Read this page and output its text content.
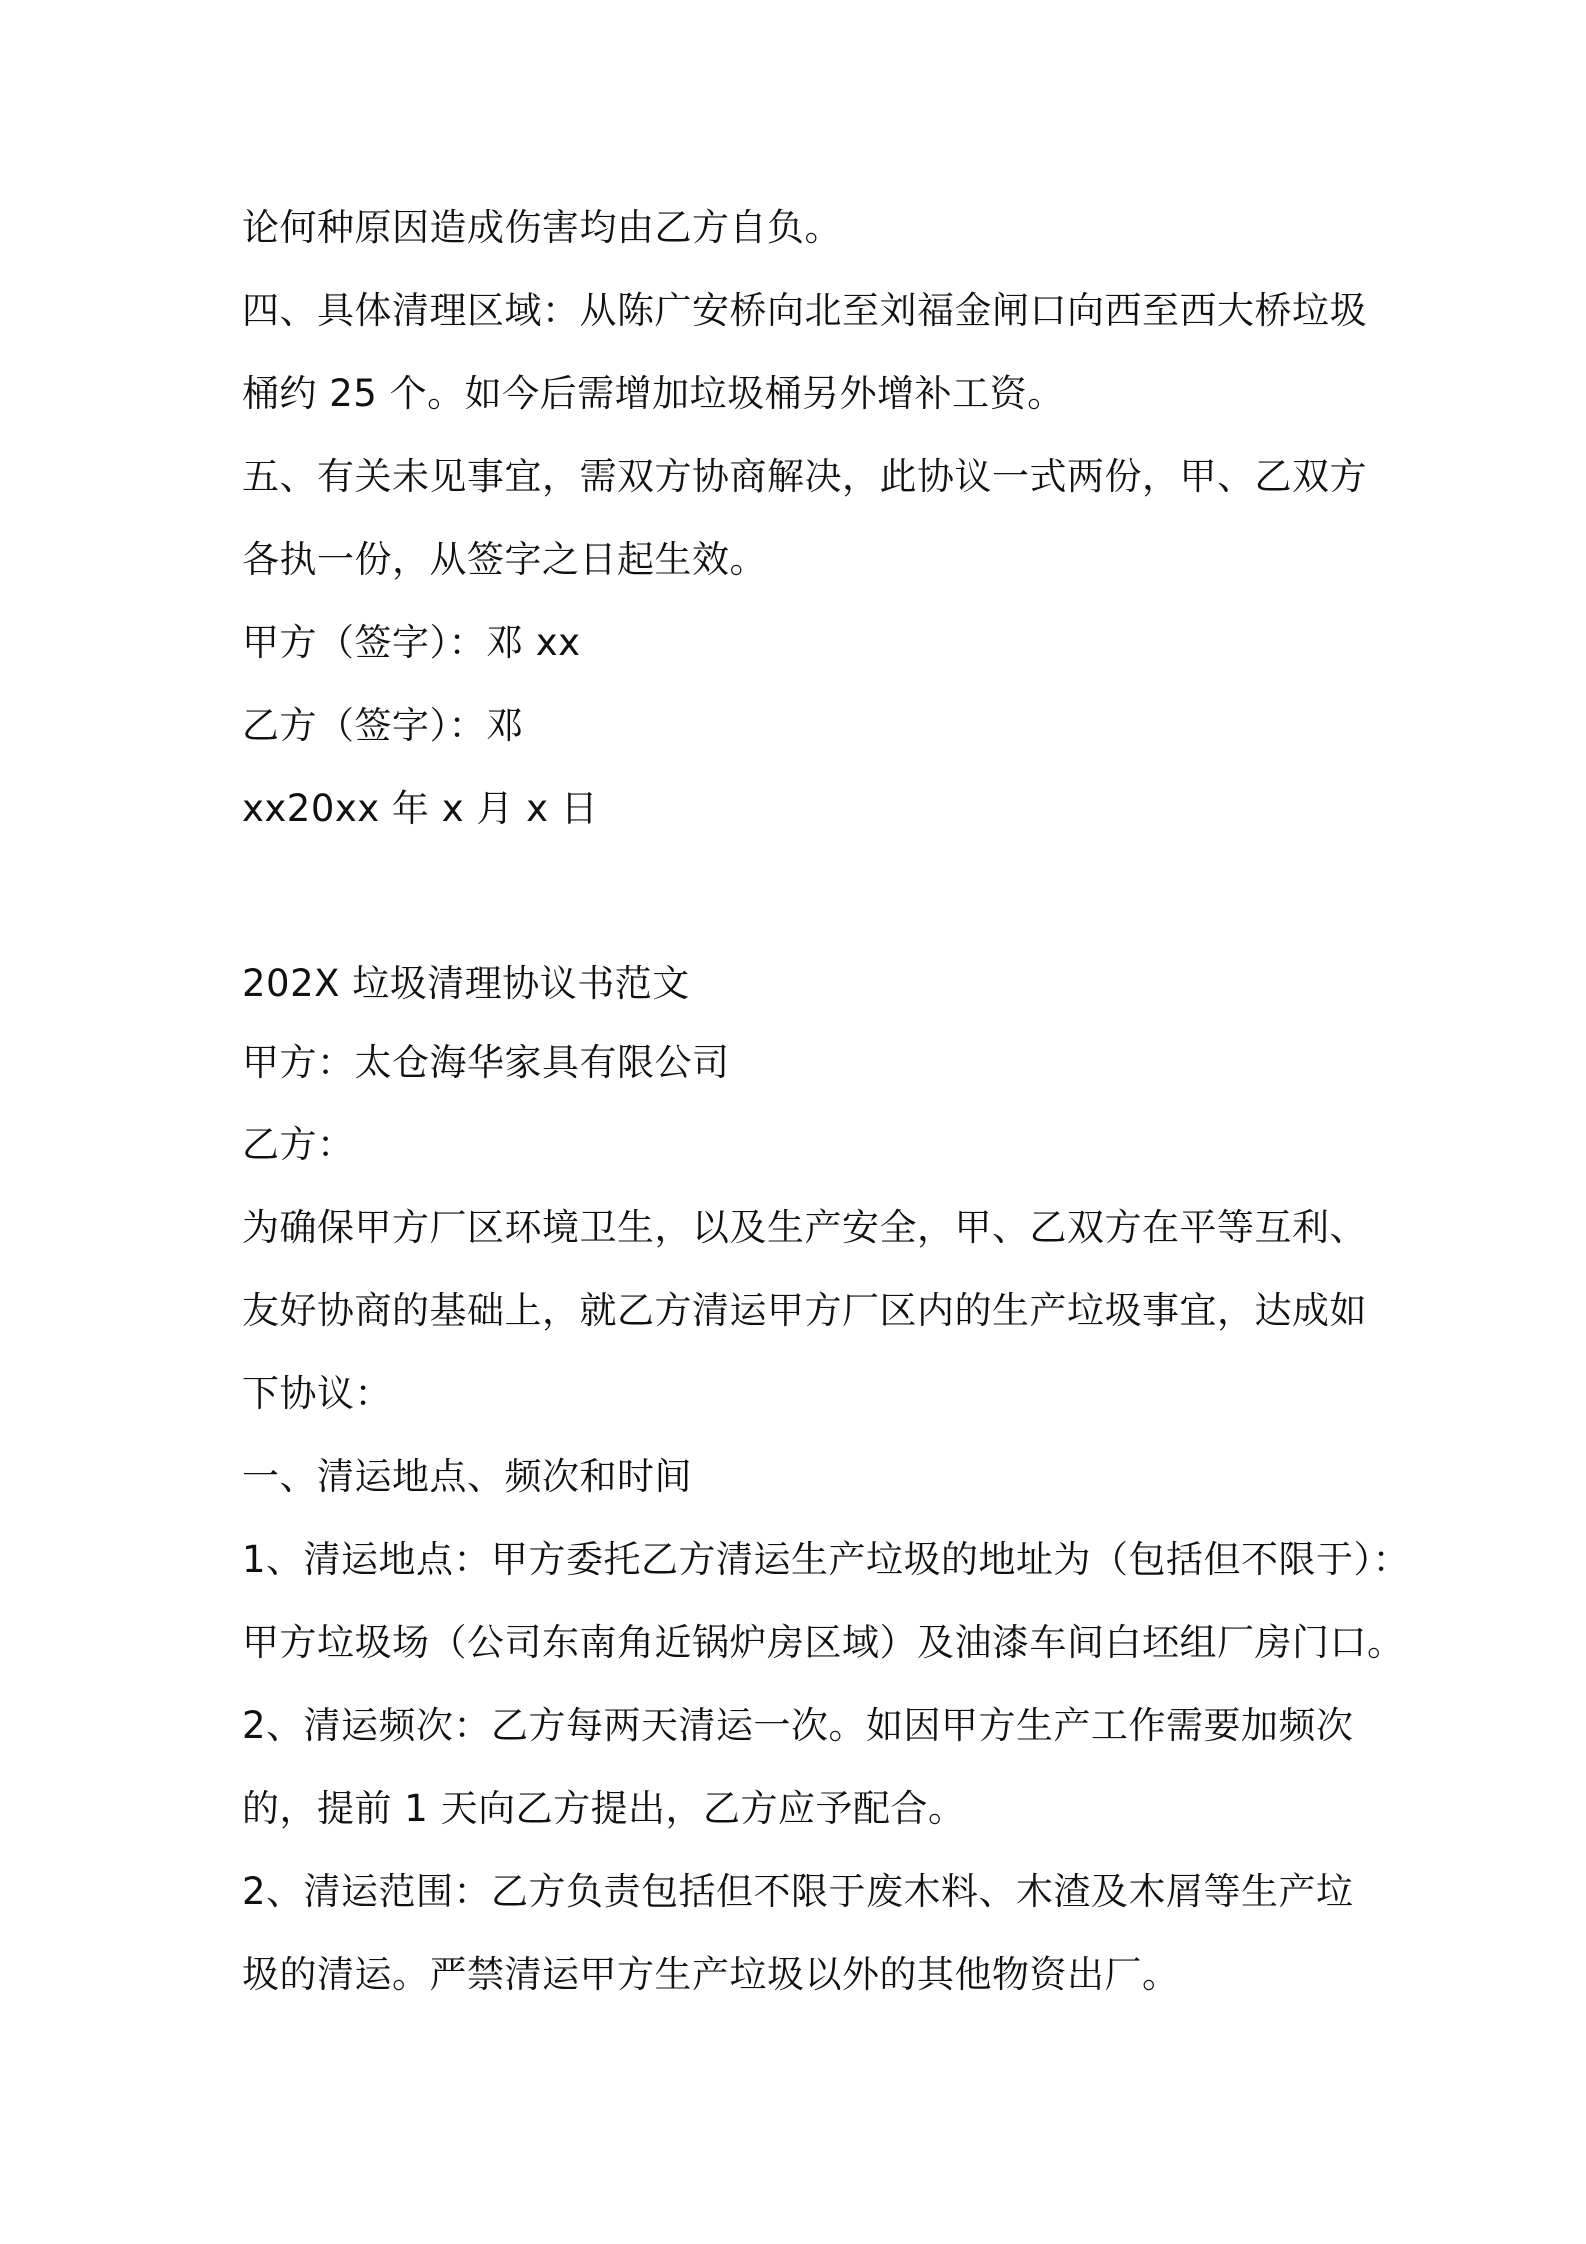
论何种原因造成伤害均由乙方自负。
四、具体清理区域：从陈广安桥向北至刘福金闸口向西至西大桥垃圾
桶约 25 个。如今后需增加垃圾桶另外增补工资。
五、有关未见事宜，需双方协商解决，此协议一式两份，甲、乙双方
各执一份，从签字之日起生效。
甲方（签字）：邓 xx
乙方（签字）：邓
xx20xx 年 x 月 x 日
202X 垃圾清理协议书范文
甲方：太仓海华家具有限公司
乙方：
为确保甲方厂区环境卫生，以及生产安全，甲、乙双方在平等互利、
友好协商的基础上，就乙方清运甲方厂区内的生产垃圾事宜，达成如
下协议：
一、清运地点、频次和时间
1、清运地点：甲方委托乙方清运生产垃圾的地址为（包括但不限于）：
甲方垃圾场（公司东南角近锅炉房区域）及油漆车间白坯组厂房门口。
2、清运频次：乙方每两天清运一次。如因甲方生产工作需要加频次
的，提前 1 天向乙方提出，乙方应予配合。
2、清运范围：乙方负责包括但不限于废木料、木渣及木屑等生产垃
圾的清运。严禁清运甲方生产垃圾以外的其他物资出厂。
